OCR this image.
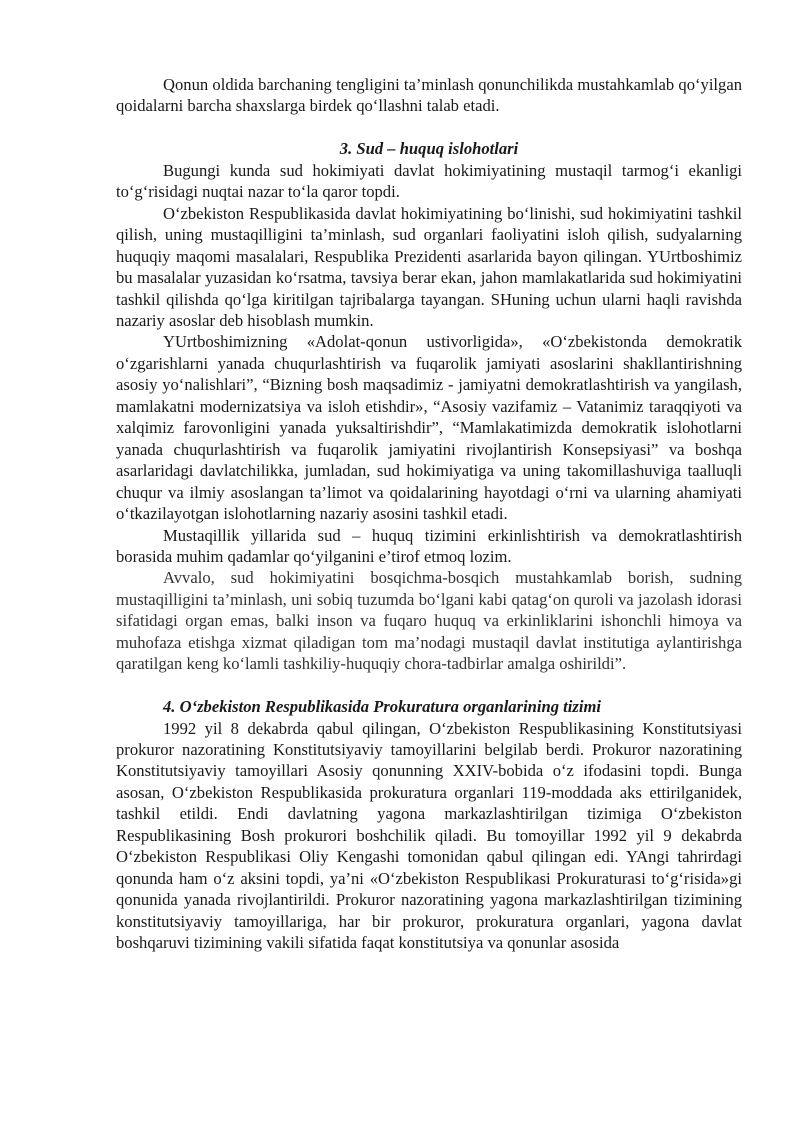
Qonun oldida barchaning tengligini ta’minlash qonunchilikda mustahkamlab qo‘yilgan qoidalarni barcha shaxslarga birdek qo‘llashni talab etadi.

3. Sud – huquq islohotlari

Bugungi kunda sud hokimiyati davlat hokimiyatining mustaqil tarmog‘i ekanligi to‘g‘risidagi nuqtai nazar to‘la qaror topdi.

O‘zbekiston Respublikasida davlat hokimiyatining bo‘linishi, sud hokimiyatini tashkil qilish, uning mustaqilligini ta’minlash, sud organlari faoliyatini isloh qilish, sudyalarning huquqiy maqomi masalalari, Respublika Prezidenti asarlarida bayon qilingan. YUrtboshimiz bu masalalar yuzasidan ko‘rsatma, tavsiya berar ekan, jahon mamlakatlarida sud hokimiyatini tashkil qilishda qo‘lga kiritilgan tajribalarga tayangan. SHuning uchun ularni haqli ravishda nazariy asoslar deb hisoblash mumkin.

YUrtboshimizning «Adolat-qonun ustivorligida», «O‘zbekistonda demokratik o‘zgarishlarni yanada chuqurlashtirish va fuqarolik jamiyati asoslarini shakllantirishning asosiy yo‘nalishlari”, “Bizning bosh maqsadimiz - jamiyatni demokratlashtirish va yangilash, mamlakatni modernizatsiya va isloh etishdir», “Asosiy vazifamiz – Vatanimiz taraqqiyoti va xalqimiz farovonligini yanada yuksaltirishdir”, “Mamlakatimizda demokratik islohotlarni yanada chuqurlashtirish va fuqarolik jamiyatini rivojlantirish Konsepsiyasi” va boshqa asarlaridagi davlatchilikka, jumladan, sud hokimiyatiga va uning takomillashuviga taalluqli chuqur va ilmiy asoslangan ta’limot va qoidalarining hayotdagi o‘rni va ularning ahamiyati o‘tkazilayotgan islohotlarning nazariy asosini tashkil etadi.

Mustaqillik yillarida sud – huquq tizimini erkinlishtirish va demokratlashtirish borasida muhim qadamlar qo‘yilganini e’tirof etmoq lozim.

Avvalo, sud hokimiyatini bosqichma-bosqich mustahkamlab borish, sudning mustaqilligini ta’minlash, uni sobiq tuzumda bo‘lgani kabi qatag‘on quroli va jazolash idorasi sifatidagi organ emas, balki inson va fuqaro huquq va erkinliklarini ishonchli himoya va muhofaza etishga xizmat qiladigan tom ma’nodagi mustaqil davlat institutiga aylantirishga qaratilgan keng ko‘lamli tashkiliy-huquqiy chora-tadbirlar amalga oshirildi”.

4. O‘zbekiston Respublikasida Prokuratura organlarining tizimi

1992 yil 8 dekabrda qabul qilingan, O‘zbekiston Respublikasining Konstitutsiyasi prokuror nazoratining Konstitutsiyaviy tamoyillarini belgilab berdi. Prokuror nazoratining Konstitutsiyaviy tamoyillari Asosiy qonunning XXIV-bobida o‘z ifodasini topdi. Bunga asosan, O‘zbekiston Respublikasida prokuratura organlari 119-moddada aks ettirilganidek, tashkil etildi. Endi davlatning yagona markazlashtirilgan tizimiga O‘zbekiston Respublikasining Bosh prokurori boshchilik qiladi. Bu tomoyillar 1992 yil 9 dekabrda O‘zbekiston Respublikasi Oliy Kengashi tomonidan qabul qilingan edi. YAngi tahrirdagi qonunda ham o‘z aksini topdi, ya’ni «O‘zbekiston Respublikasi Prokuraturasi to‘g‘risida»gi qonunida yanada rivojlantirildi. Prokuror nazoratining yagona markazlashtirilgan tizimining konstitutsiyaviy tamoyillariga, har bir prokuror, prokuratura organlari, yagona davlat boshqaruvi tizimining vakili sifatida faqat konstitutsiya va qonunlar asosida
